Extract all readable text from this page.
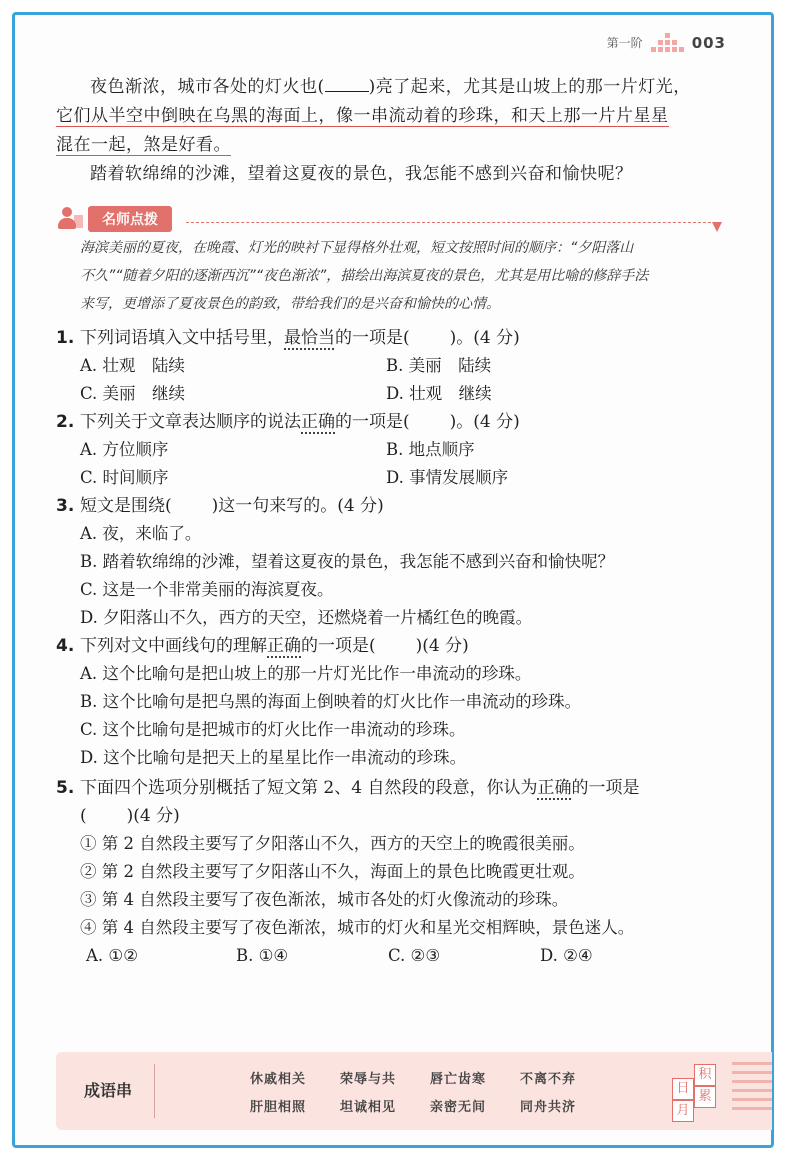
第一阶	003
夜色渐浓，城市各处的灯火也(	)亮了起来，尤其是山坡上的那一片灯光，
它们从半空中倒映在乌黑的海面上，像一串流动着的珍珠，和天上那一片片星星
混在一起，煞是好看。
踏着软绵绵的沙滩，望着这夏夜的景色，我怎能不感到兴奋和愉快呢？
名师点拨
海滨美丽的夏夜，在晚霞、灯光的映衬下显得格外壮观，短文按照时间的顺序：“夕阳落山
不久”“随着夕阳的逐渐西沉”“夜色渐浓”，描绘出海滨夏夜的景色，尤其是用比喻的修辞手法
来写，更增添了夏夜景色的韵致，带给我们的是兴奋和愉快的心情。
1. 下列词语填入文中括号里，最恰当的一项是( )。(4 分)
A. 壮观　陆续	B. 美丽　陆续
C. 美丽　继续	D. 壮观　继续
2. 下列关于文章表达顺序的说法正确的一项是( )。(4 分)
A. 方位顺序	B. 地点顺序
C. 时间顺序	D. 事情发展顺序
3. 短文是围绕( )这一句来写的。(4 分)
A. 夜，来临了。
B. 踏着软绵绵的沙滩，望着这夏夜的景色，我怎能不感到兴奋和愉快呢？
C. 这是一个非常美丽的海滨夏夜。
D. 夕阳落山不久，西方的天空，还燃烧着一片橘红色的晚霞。
4. 下列对文中画线句的理解正确的一项是( )(4 分)
A. 这个比喻句是把山坡上的那一片灯光比作一串流动的珍珠。
B. 这个比喻句是把乌黑的海面上倒映着的灯火比作一串流动的珍珠。
C. 这个比喻句是把城市的灯火比作一串流动的珍珠。
D. 这个比喻句是把天上的星星比作一串流动的珍珠。
5. 下面四个选项分别概括了短文第 2、4 自然段的段意，你认为正确的一项是
( )(4 分)
① 第 2 自然段主要写了夕阳落山不久，西方的天空上的晚霞很美丽。
② 第 2 自然段主要写了夕阳落山不久，海面上的景色比晚霞更壮观。
③ 第 4 自然段主要写了夜色渐浓，城市各处的灯火像流动的珍珠。
④ 第 4 自然段主要写了夜色渐浓，城市的灯火和星光交相辉映，景色迷人。
A. ①②	B. ①④	C. ②③	D. ②④
成语串
休戚相关	荣辱与共	唇亡齿寒	不离不弃
肝胆相照	坦诚相见	亲密无间	同舟共济
日
积
月
累
